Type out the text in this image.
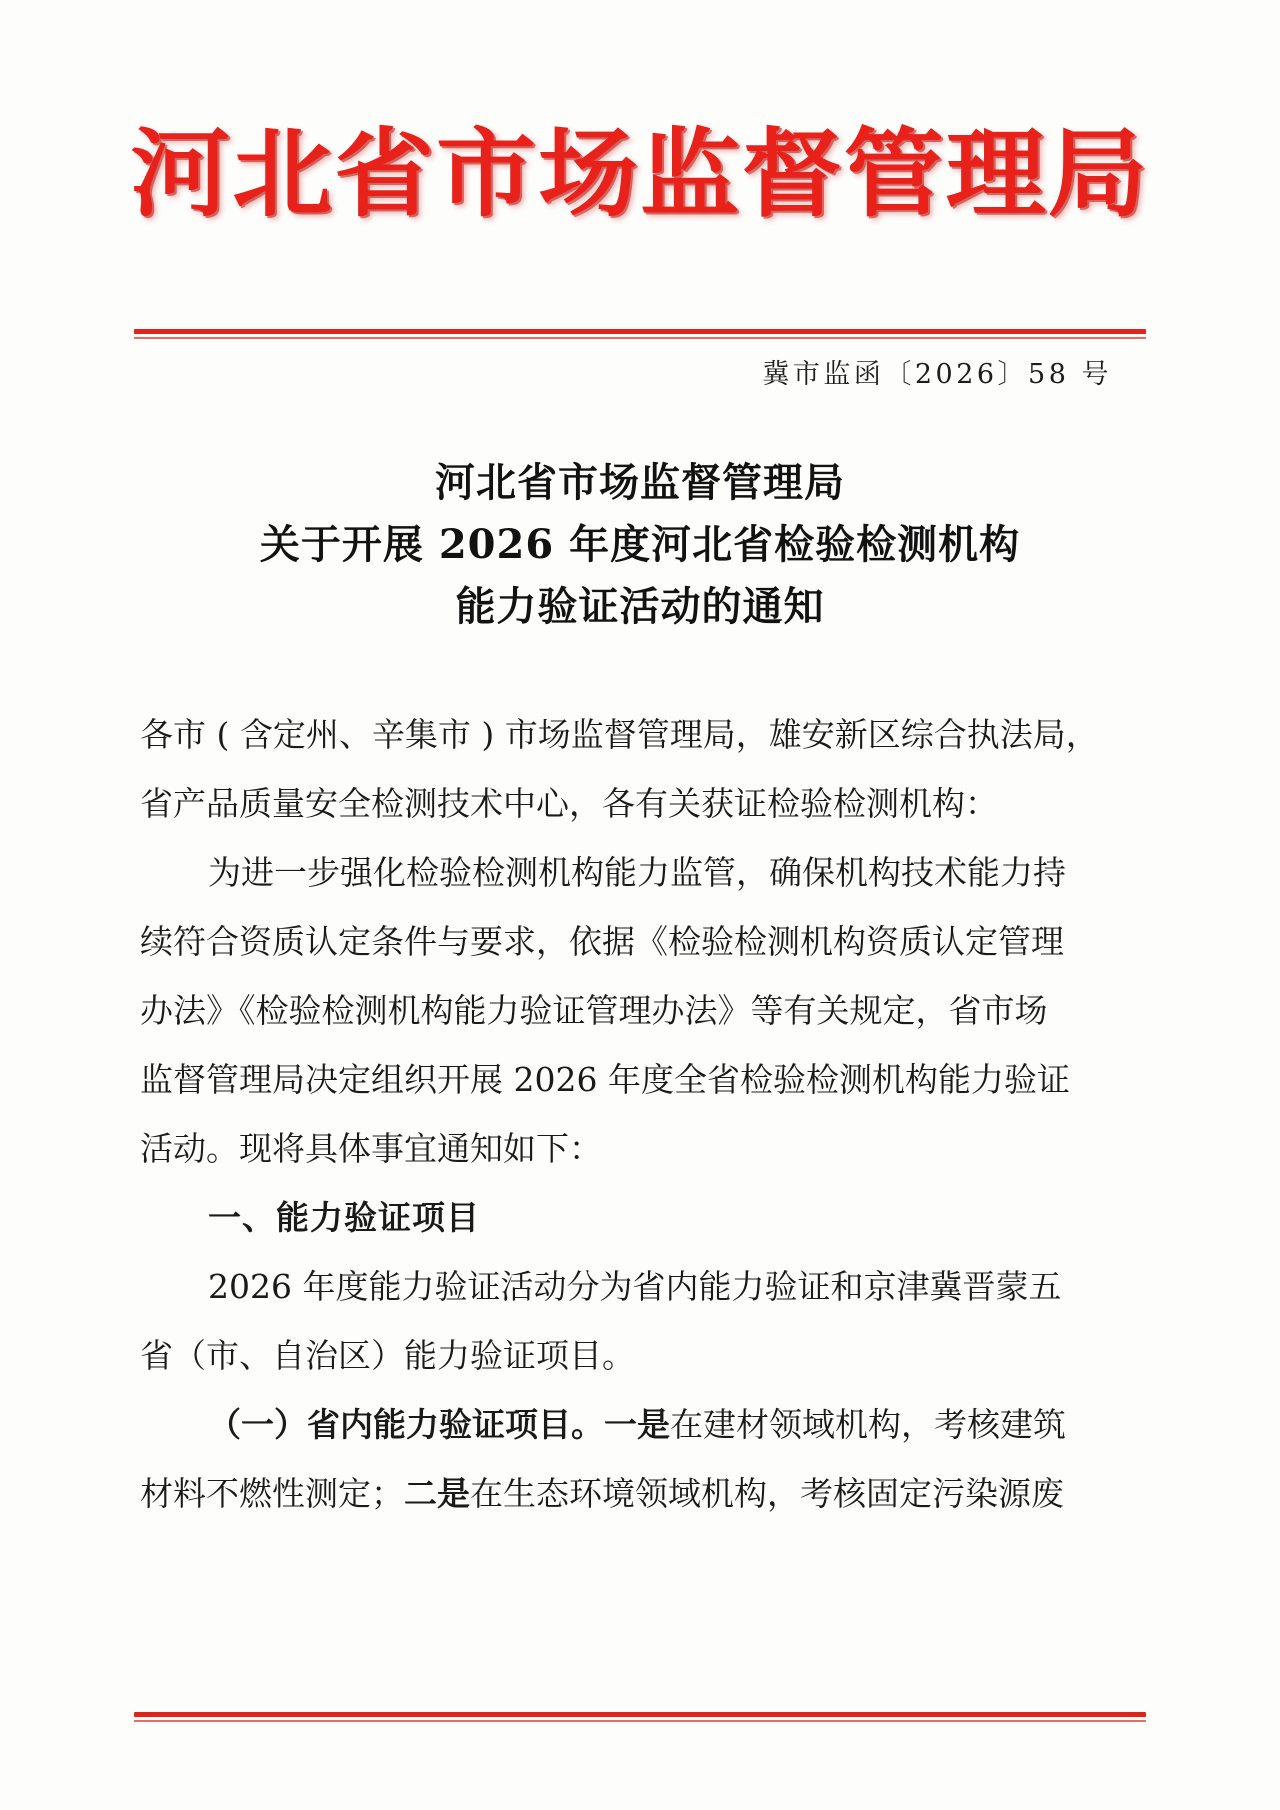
河北省市场监督管理局
冀市监函〔2026〕58 号
河北省市场监督管理局
关于开展 2026 年度河北省检验检测机构
能力验证活动的通知
各市 ( 含定州、辛集市 ) 市场监督管理局，雄安新区综合执法局，
省产品质量安全检测技术中心，各有关获证检验检测机构：
为进一步强化检验检测机构能力监管，确保机构技术能力持
续符合资质认定条件与要求，依据《检验检测机构资质认定管理
办法》《检验检测机构能力验证管理办法》等有关规定，省市场
监督管理局决定组织开展 2026 年度全省检验检测机构能力验证
活动。现将具体事宜通知如下：
一、能力验证项目
2026 年度能力验证活动分为省内能力验证和京津冀晋蒙五
省（市、自治区）能力验证项目。
（一）省内能力验证项目。一是在建材领域机构，考核建筑
材料不燃性测定；二是在生态环境领域机构，考核固定污染源废
